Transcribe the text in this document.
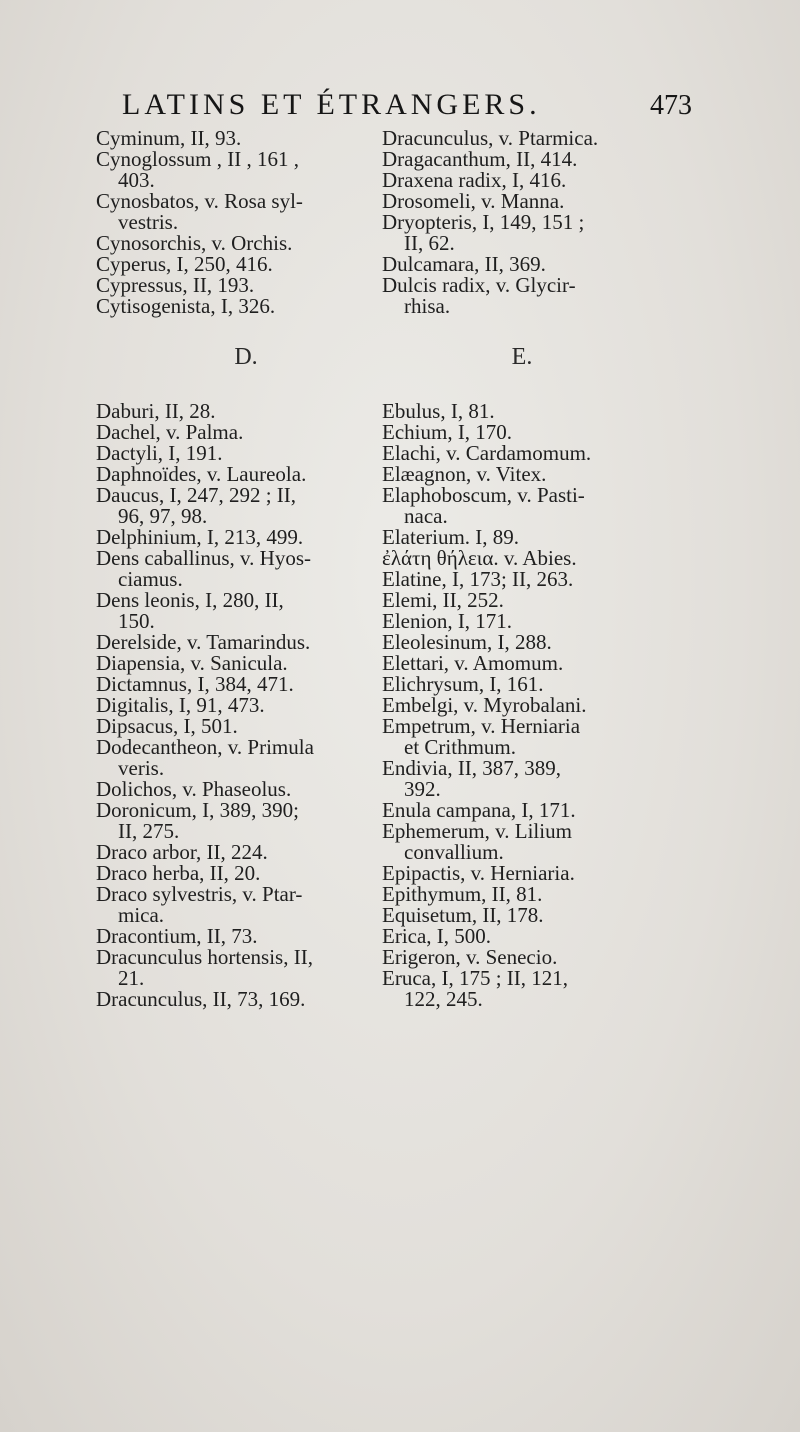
LATINS ET ÉTRANGERS.	473
Cyminum, II, 93.
Cynoglossum , II , 161 ,
403.
Cynosbatos, v. Rosa syl-
vestris.
Cynosorchis, v. Orchis.
Cyperus, I, 250, 416.
Cypressus, II, 193.
Cytisogenista, I, 326.
D.
Daburi, II, 28.
Dachel, v. Palma.
Dactyli, I, 191.
Daphnoïdes, v. Laureola.
Daucus, I, 247, 292 ; II,
96, 97, 98.
Delphinium, I, 213, 499.
Dens caballinus, v. Hyos-
ciamus.
Dens leonis, I, 280, II,
150.
Derelside, v. Tamarindus.
Diapensia, v. Sanicula.
Dictamnus, I, 384, 471.
Digitalis, I, 91, 473.
Dipsacus, I, 501.
Dodecantheon, v. Primula
veris.
Dolichos, v. Phaseolus.
Doronicum, I, 389, 390;
II, 275.
Draco arbor, II, 224.
Draco herba, II, 20.
Draco sylvestris, v. Ptar-
mica.
Dracontium, II, 73.
Dracunculus hortensis, II,
21.
Dracunculus, II, 73, 169.
Dracunculus, v. Ptarmica.
Dragacanthum, II, 414.
Draxena radix, I, 416.
Drosomeli, v. Manna.
Dryopteris, I, 149, 151 ;
II, 62.
Dulcamara, II, 369.
Dulcis radix, v. Glycir-
rhisa.
E.
Ebulus, I, 81.
Echium, I, 170.
Elachi, v. Cardamomum.
Elæagnon, v. Vitex.
Elaphoboscum, v. Pasti-
naca.
Elaterium. I, 89.
ἐλάτη θήλεια. v. Abies.
Elatine, I, 173; II, 263.
Elemi, II, 252.
Elenion, I, 171.
Eleolesinum, I, 288.
Elettari, v. Amomum.
Elichrysum, I, 161.
Embelgi, v. Myrobalani.
Empetrum, v. Herniaria
et Crithmum.
Endivia, II, 387, 389,
392.
Enula campana, I, 171.
Ephemerum, v. Lilium
convallium.
Epipactis, v. Herniaria.
Epithymum, II, 81.
Equisetum, II, 178.
Erica, I, 500.
Erigeron, v. Senecio.
Eruca, I, 175 ; II, 121,
122, 245.
